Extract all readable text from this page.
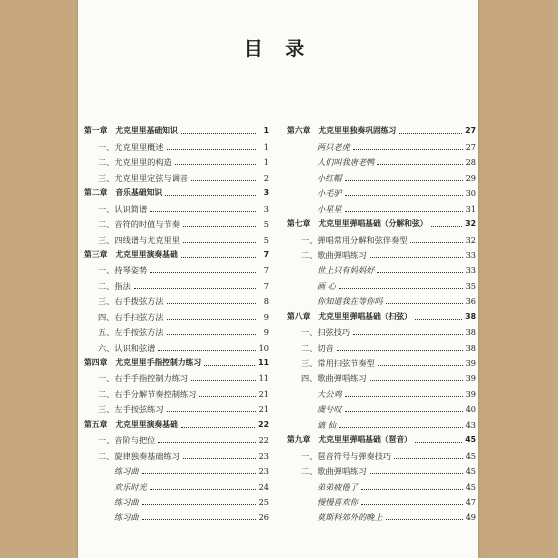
目 录
第一章 尤克里里基础知识	1
一、尤克里里概述	1
二、尤克里里的构造	1
三、尤克里里定弦与调音	2
第二章 音乐基础知识	3
一、认识简谱	3
二、音符的时值与节奏	5
三、四线谱与尤克里里	5
第三章 尤克里里演奏基础	7
一、持琴姿势	7
二、指法	7
三、右手拨弦方法	8
四、右手扫弦方法	9
五、左手按弦方法	9
六、认识和弦谱	10
第四章 尤克里里手指控制力练习	11
一、右手手指控制力练习	11
二、右手分解节奏控制练习	21
三、左手按弦练习	21
第五章 尤克里里演奏基础	22
一、音阶与把位	22
二、旋律独奏基础练习	23
练习曲	23
欢乐时光	24
练习曲	25
练习曲	26
第六章 尤克里里独奏巩固练习	27
两只老虎	27
人们叫我唐老鸭	28
小红帽	29
小毛驴	30
小星星	31
第七章 尤克里里弹唱基础（分解和弦）	32
一、弹唱常用分解和弦伴奏型	32
二、歌曲弹唱练习	33
世上只有妈妈好	33
画 心	35
你知道我在等你吗	36
第八章 尤克里里弹唱基础（扫弦）	38
一、扫弦技巧	38
二、切音	38
三、常用扫弦节奏型	39
四、歌曲弹唱练习	39
大公鸡	39
虞兮叹	40
谪 仙	43
第九章 尤克里里弹唱基础（琶音）	45
一、琶音符号与弹奏技巧	45
二、歌曲弹唱练习	45
弟弟疲倦了	45
慢慢喜欢你	47
莫斯科郊外的晚上	49
